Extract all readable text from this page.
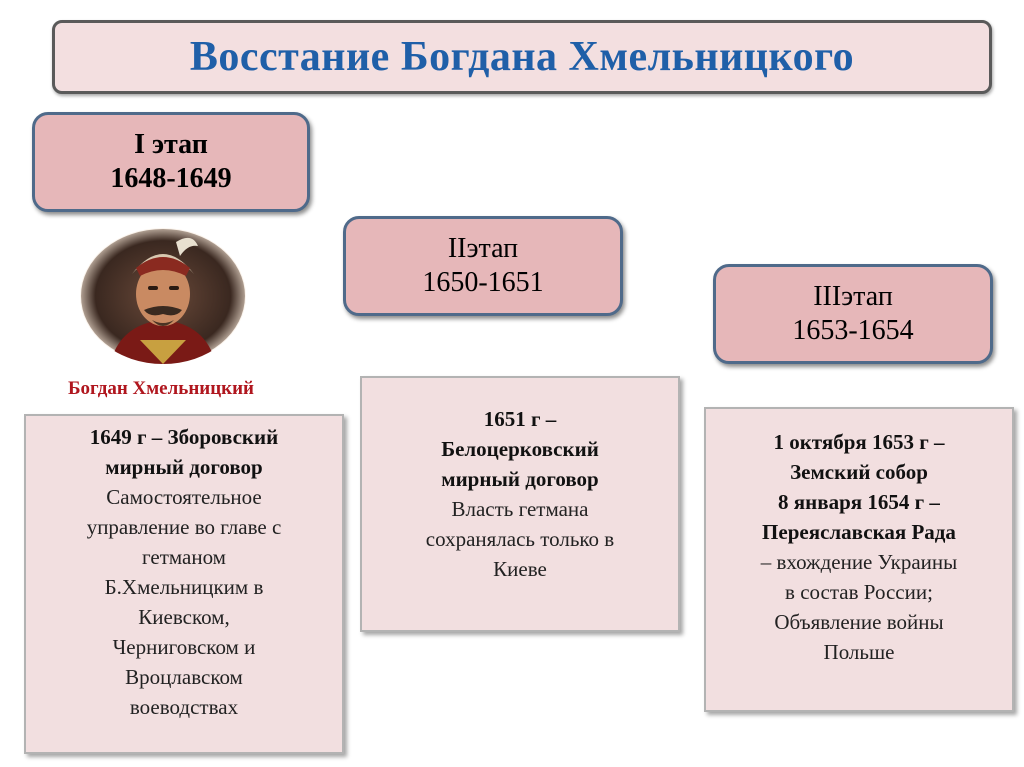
Восстание Богдана Хмельницкого
I этап
1648-1649
IIэтап
1650-1651	IIIэтап
1653-1654
Богдан Хмельницкий
1649 г – Зборовский
мирный договор
Самостоятельное
управление во главе с
гетманом
Б.Хмельницким в
Киевском,
Черниговском и
Вроцлавском
воеводствах
1651 г –
Белоцерковский
мирный договор
Власть гетмана
сохранялась только в
Киеве
1 октября 1653 г –
Земский собор
8 января 1654 г –
Переяславская Рада
– вхождение Украины
в состав России;
Объявление войны
Польше
